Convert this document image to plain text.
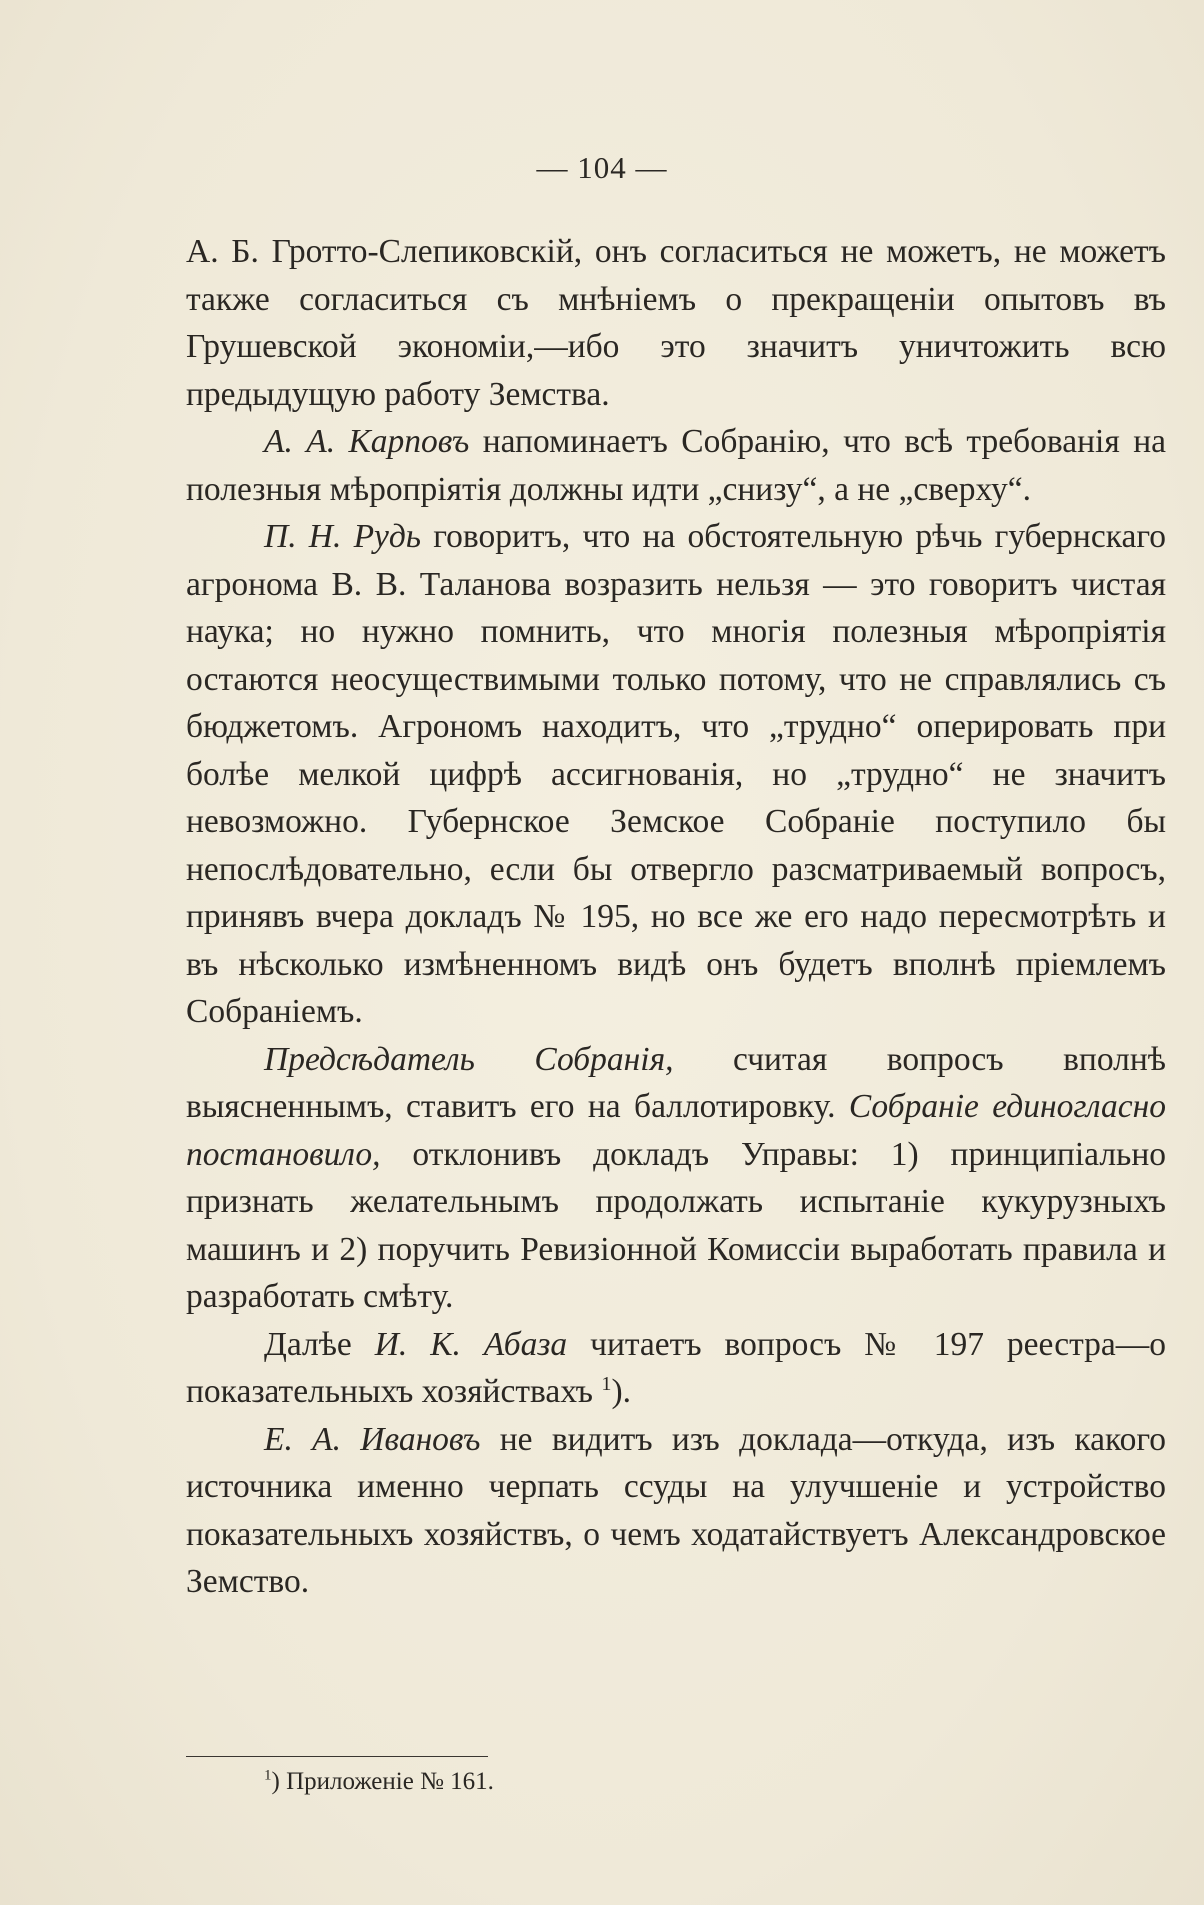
— 104 —

А. Б. Гротто-Слепиковскій, онъ согласиться не можетъ, не можетъ также согласиться съ мнѣніемъ о прекращеніи опытовъ въ Грушевской экономіи,—ибо это значитъ уничтожить всю предыдущую работу Земства.

А. А. Карповъ напоминаетъ Собранію, что всѣ требованія на полезныя мѣропріятія должны идти „снизу“, а не „сверху“.

П. Н. Рудь говоритъ, что на обстоятельную рѣчь губернскаго агронома В. В. Таланова возразить нельзя — это говоритъ чистая наука; но нужно помнить, что многія полезныя мѣропріятія остаются неосуществимыми только потому, что не справлялись съ бюджетомъ. Агрономъ находитъ, что „трудно“ оперировать при болѣе мелкой цифрѣ ассигнованія, но „трудно“ не значитъ невозможно. Губернское Земское Собраніе поступило бы непослѣдовательно, если бы отвергло разсматриваемый вопросъ, принявъ вчера докладъ № 195, но все же его надо пересмотрѣть и въ нѣсколько измѣненномъ видѣ онъ будетъ вполнѣ пріемлемъ Собраніемъ.

Предсѣдатель Собранія, считая вопросъ вполнѣ выясненнымъ, ставитъ его на баллотировку. Собраніе единогласно постановило, отклонивъ докладъ Управы: 1) принципіально признать желательнымъ продолжать испытаніе кукурузныхъ машинъ и 2) поручить Ревизіонной Комиссіи выработать правила и разработать смѣту.

Далѣе И. К. Абаза читаетъ вопросъ № 197 реестра—о показательныхъ хозяйствахъ $^1$).

Е. А. Ивановъ не видитъ изъ доклада—откуда, изъ какого источника именно черпать ссуды на улучшеніе и устройство показательныхъ хозяйствъ, о чемъ ходатайствуетъ Александровское Земство.

$^1$) Приложеніе № 161.
